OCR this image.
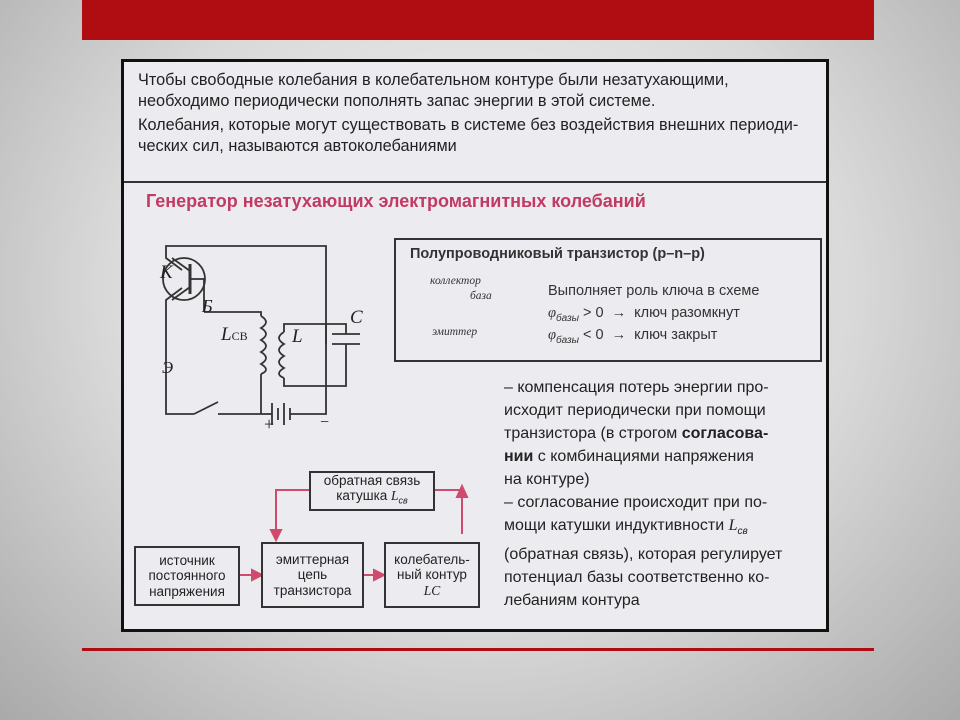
Чтобы свободные колебания в колебательном контуре были незатухающими,

необходимо периодически пополнять запас энергии в этой системе.

Колебания, которые могут существовать в системе без воздействия внешних периоди-

ческих сил, называются автоколебаниями

Генератор незатухающих электромагнитных колебаний
К
Б
Э
LСВ L
C
+	−
Полупроводниковый транзистор (р–n–р)
Выполняет роль ключа в схеме
$\varphi_{базы} > 0$ → ключ разомкнут
$\varphi_{базы} < 0$ → ключ закрыт
коллектор
база
эмиттер

– компенсация потерь энергии про-

исходит периодически при помощи

транзистора (в строгом согласова-

нии с комбинациями напряжения

на контуре)

– согласование происходит при по-

мощи катушки индуктивности $L_{св}$

(обратная связь), которая регулирует

потенциал базы соответственно ко-

лебаниям контура

обратная связь
катушка $L_{св}$
источник
постоянного
напряжения
эмиттерная
цепь
транзистора
колебатель-
ный контур
LC
